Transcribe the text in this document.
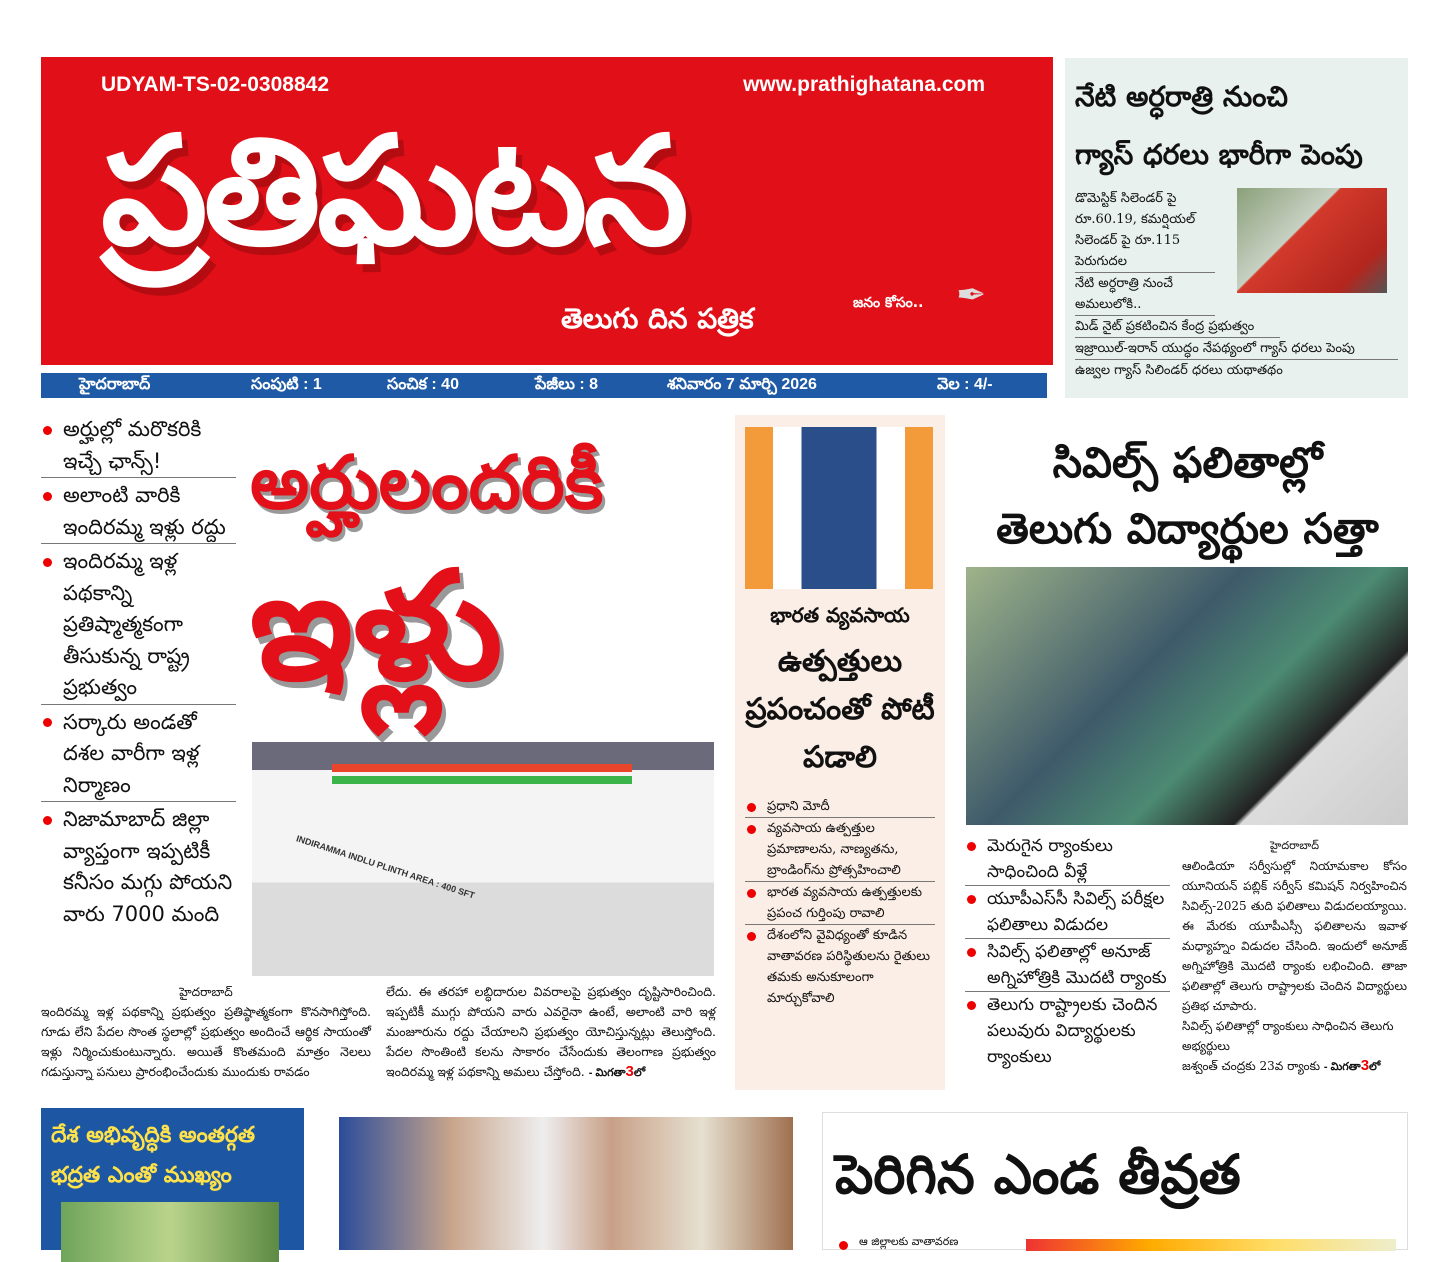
UDYAM-TS-02-0308842	www.prathighatana.com
ప్రతిఘటన
తెలుగు దిన పత్రిక	జనం కోసం.. ✒
హైదరాబాద్	సంపుటి : 1	సంచిక : 40	పేజీలు : 8	శనివారం 7 మార్చి 2026	వెల : 4/-
నేటి అర్ధరాత్రి నుంచి
గ్యాస్ ధరలు భారీగా పెంపు
డొమెస్టిక్ సిలెండర్ పై రూ.60.19, కమర్షియల్ సిలెండర్ పై రూ.115 పెరుగుదల
నేటి అర్ధరాత్రి నుంచే అమలులోకి..
మిడ్ నైట్ ప్రకటించిన కేంద్ర ప్రభుత్వం
ఇజ్రాయిల్-ఇరాన్ యుద్ధం నేపథ్యంలో గ్యాస్ ధరలు పెంపు
ఉజ్వల గ్యాస్ సిలిండర్ ధరలు యథాతథం
అర్హుల్లో మరొకరికి ఇచ్చే ఛాన్స్!
అలాంటి వారికి ఇందిరమ్మ ఇళ్లు రద్దు
ఇందిరమ్మ ఇళ్ల పథకాన్ని ప్రతిష్మాత్మకంగా తీసుకున్న రాష్ట్ర ప్రభుత్వం
సర్కారు అండతో దశల వారీగా ఇళ్ల నిర్మాణం
నిజామాబాద్ జిల్లా వ్యాప్తంగా ఇప్పటికీ కనీసం మగ్గు పోయని వారు 7000 మంది
అర్హులందరికీ
ఇళ్లు
INDIRAMMA INDLU PLINTH AREA : 400 SFT
హైదరాబాద్
ఇందిరమ్మ ఇళ్ల పథకాన్ని ప్రభుత్వం ప్రతిష్ఠాత్మకంగా కొనసాగిస్తోంది. గూడు లేని పేదల సొంత స్థలాల్లో ప్రభుత్వం అందించే ఆర్థిక సాయంతో ఇళ్లు నిర్మించుకుంటున్నారు. అయితే కొంతమంది మాత్రం నెలలు గడుస్తున్నా పనులు ప్రారంభించేందుకు ముందుకు రావడం
లేదు. ఈ తరహా లబ్ధిదారుల వివరాలపై ప్రభుత్వం దృష్టిసారించింది. ఇప్పటికీ ముగ్గు పోయని వారు ఎవరైనా ఉంటే, అలాంటి వారి ఇళ్ల మంజూరును రద్దు చేయాలని ప్రభుత్వం యోచిస్తున్నట్లు తెలుస్తోంది. పేదల సొంతింటి కలను సాకారం చేసేందుకు తెలంగాణ ప్రభుత్వం ఇందిరమ్మ ఇళ్ల పథకాన్ని అమలు చేస్తోంది. - మిగతా3లో
భారత వ్యవసాయ
ఉత్పత్తులు ప్రపంచంతో పోటీ పడాలి
ప్రధాని మోదీ
వ్యవసాయ ఉత్పత్తుల ప్రమాణాలను, నాణ్యతను, బ్రాండింగ్‌ను ప్రోత్సహించాలి
భారత వ్యవసాయ ఉత్పత్తులకు ప్రపంచ గుర్తింపు రావాలి
దేశంలోని వైవిధ్యంతో కూడిన వాతావరణ పరిస్థితులను రైతులు తమకు అనుకూలంగా మార్చుకోవాలి
సివిల్స్ ఫలితాల్లో
తెలుగు విద్యార్థుల సత్తా
మెరుగైన ర్యాంకులు సాధించింది వీళ్లే
యూపీఎస్‌సీ సివిల్స్ పరీక్షల ఫలితాలు విడుదల
సివిల్స్ ఫలితాల్లో అనూజ్ అగ్నిహోత్రికి మొదటి ర్యాంకు
తెలుగు రాష్ట్రాలకు చెందిన పలువురు విద్యార్థులకు ర్యాంకులు
హైదరాబాద్
ఆలిండియా సర్వీసుల్లో నియామకాల కోసం యూనియన్ పబ్లిక్ సర్వీస్ కమిషన్ నిర్వహించిన సివిల్స్-2025 తుది ఫలితాలు విడుదలయ్యాయి. ఈ మేరకు యూపీఎస్సీ ఫలితాలను ఇవాళ మధ్యాహ్నం విడుదల చేసింది. ఇందులో అనూజ్ అగ్నిహోత్రికి మొదటి ర్యాంకు లభించింది. తాజా ఫలితాల్లో తెలుగు రాష్ట్రాలకు చెందిన విద్యార్థులు ప్రతిభ చూపారు.
సివిల్స్ ఫలితాల్లో ర్యాంకులు సాధించిన తెలుగు అభ్యర్థులు
జశ్వంత్ చంద్రకు 23వ ర్యాంకు - మిగతా3లో
దేశ అభివృద్ధికి అంతర్గత భద్రత ఎంతో ముఖ్యం	పెరిగిన ఎండ తీవ్రత
ఆ జిల్లాలకు వాతావరణ
